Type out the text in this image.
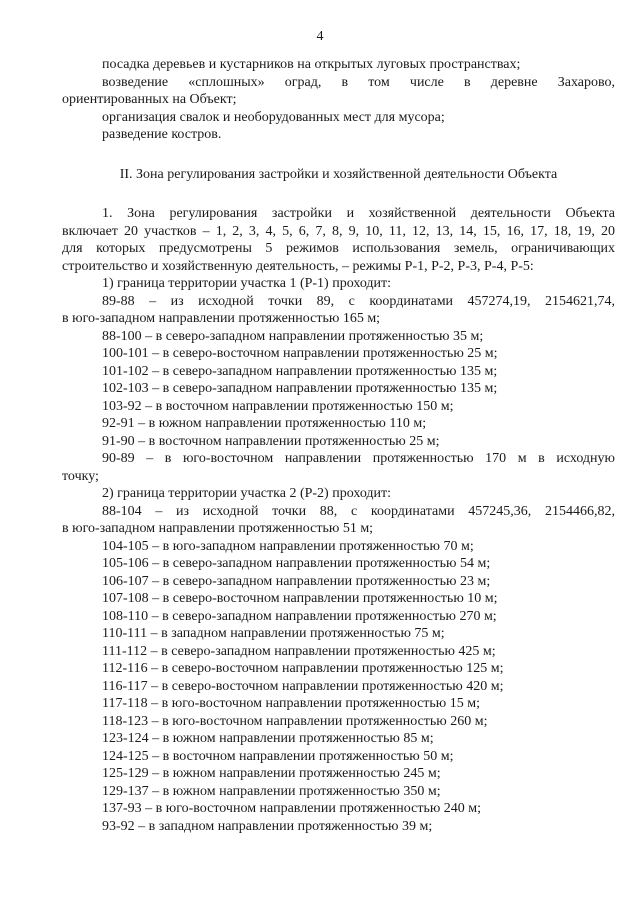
4

посадка деревьев и кустарников на открытых луговых пространствах;

возведение «сплошных» оград, в том числе в деревне Захарово,

ориентированных на Объект;

организация свалок и необорудованных мест для мусора;

разведение костров.

II. Зона регулирования застройки и хозяйственной деятельности Объекта

1. Зона регулирования застройки и хозяйственной деятельности Объекта

включает 20 участков – 1, 2, 3, 4, 5, 6, 7, 8, 9, 10, 11, 12, 13, 14, 15, 16, 17, 18, 19, 20

для которых предусмотрены 5 режимов использования земель, ограничивающих

строительство и хозяйственную деятельность, – режимы Р-1, Р-2, Р-3, Р-4, Р-5:

1) граница территории участка 1 (Р-1) проходит:

89-88 – из исходной точки 89, с координатами 457274,19, 2154621,74,

в юго-западном направлении протяженностью 165 м;

88-100 – в северо-западном направлении протяженностью 35 м;

100-101 – в северо-восточном направлении протяженностью 25 м;

101-102 – в северо-западном направлении протяженностью 135 м;

102-103 – в северо-западном направлении протяженностью 135 м;

103-92 – в восточном направлении протяженностью 150 м;

92-91 – в южном направлении протяженностью 110 м;

91-90 – в восточном направлении протяженностью 25 м;

90-89 – в юго-восточном направлении протяженностью 170 м в исходную

точку;

2) граница территории участка 2 (Р-2) проходит:

88-104 – из исходной точки 88, с координатами 457245,36, 2154466,82,

в юго-западном направлении протяженностью 51 м;

104-105 – в юго-западном направлении протяженностью 70 м;

105-106 – в северо-западном направлении протяженностью 54 м;

106-107 – в северо-западном направлении протяженностью 23 м;

107-108 – в северо-восточном направлении протяженностью 10 м;

108-110 – в северо-западном направлении протяженностью 270 м;

110-111 – в западном направлении протяженностью 75 м;

111-112 – в северо-западном направлении протяженностью 425 м;

112-116 – в северо-восточном направлении протяженностью 125 м;

116-117 – в северо-восточном направлении протяженностью 420 м;

117-118 – в юго-восточном направлении протяженностью 15 м;

118-123 – в юго-восточном направлении протяженностью 260 м;

123-124 – в южном направлении протяженностью 85 м;

124-125 – в восточном направлении протяженностью 50 м;

125-129 – в южном направлении протяженностью 245 м;

129-137 – в южном направлении протяженностью 350 м;

137-93 – в юго-восточном направлении протяженностью 240 м;

93-92 – в западном направлении протяженностью 39 м;
